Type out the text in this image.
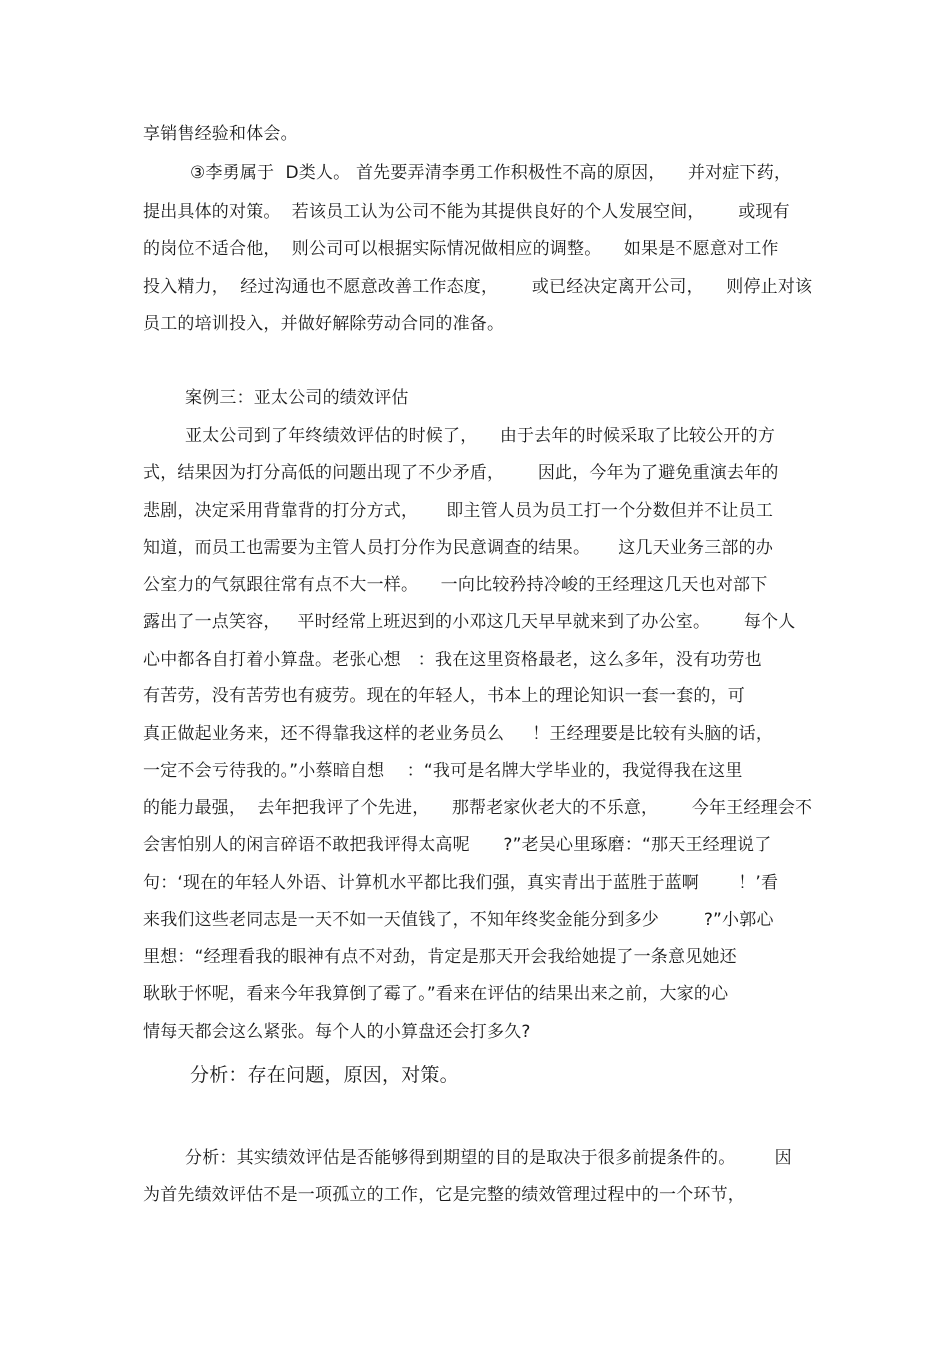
享销售经验和体会。
③李勇属于  D类人。 首先要弄清李勇工作积极性不高的原因，    并对症下药，
提出具体的对策。  若该员工认为公司不能为其提供良好的个人发展空间，      或现有
的岗位不适合他，  则公司可以根据实际情况做相应的调整。    如果是不愿意对工作
投入精力，  经过沟通也不愿意改善工作态度，      或已经决定离开公司，    则停止对该
员工的培训投入，并做好解除劳动合同的准备。
案例三：亚太公司的绩效评估
亚太公司到了年终绩效评估的时候了，    由于去年的时候采取了比较公开的方
式，结果因为打分高低的问题出现了不少矛盾，      因此，今年为了避免重演去年的
悲剧，决定采用背靠背的打分方式，     即主管人员为员工打一个分数但并不让员工
知道，而员工也需要为主管人员打分作为民意调查的结果。     这几天业务三部的办
公室力的气氛跟往常有点不大一样。    一向比较矜持冷峻的王经理这几天也对部下
露出了一点笑容，   平时经常上班迟到的小邓这几天早早就来到了办公室。      每个人
心中都各自打着小算盘。老张心想   ：我在这里资格最老，这么多年，没有功劳也
有苦劳，没有苦劳也有疲劳。现在的年轻人，书本上的理论知识一套一套的，可
真正做起业务来，还不得靠我这样的老业务员么     ！王经理要是比较有头脑的话，
一定不会亏待我的。”小蔡暗自想    ：“我可是名牌大学毕业的，我觉得我在这里
的能力最强，  去年把我评了个先进，    那帮老家伙老大的不乐意，      今年王经理会不
会害怕别人的闲言碎语不敢把我评得太高呢      ?”老吴心里琢磨：“那天王经理说了
句：‘现在的年轻人外语、计算机水平都比我们强，真实青出于蓝胜于蓝啊       ！’看
来我们这些老同志是一天不如一天值钱了，不知年终奖金能分到多少        ?”小郭心
里想：“经理看我的眼神有点不对劲，肯定是那天开会我给她提了一条意见她还
耿耿于怀呢，看来今年我算倒了霉了。”看来在评估的结果出来之前，大家的心
情每天都会这么紧张。每个人的小算盘还会打多久?
分析：存在问题，原因，对策。
分析：其实绩效评估是否能够得到期望的目的是取决于很多前提条件的。       因
为首先绩效评估不是一项孤立的工作，它是完整的绩效管理过程中的一个环节，
